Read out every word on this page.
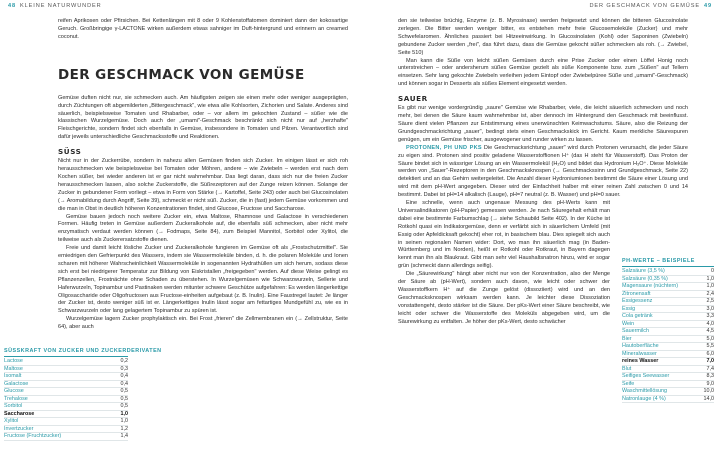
48 KLEINE NATURWUNDER	DER GESCHMACK VON GEMÜSE 49

reifen Aprikosen oder Pfirsichen. Bei Kettenlängen mit 8 oder 9 Kohlenstoffatomen dominiert dann der kokosartige Geruch. Großbringige γ-LACTONE wirken außerdem etwas sahniger im Duft-hintergrund und erinnern an creamed coconut.

DER GESCHMACK VON GEMÜSE

Gemüse duften nicht nur, sie schmecken auch. Am häufigsten zeigen sie einen mehr oder weniger ausgeprägten, durch Züchtungen oft abgemilderten „Bittergeschmack", wie etwa alle Kohlsorten, Zichorien und Salate. Anderes sind säuerlich, beispielsweise Tomaten und Rhabarber, oder – vor allem im gekochten Zustand – süßer wie die klassischen Wurzelgemüse. Doch auch der „umami"-Geschmack beschränkt sich nicht nur auf „herzhafte" Fleischgerichte, sondern findet sich ebenfalls in Gemüse, insbesondere in Tomaten und Pilzen. Verantwortlich sind dafür jeweils unterschiedliche Geschmacksstoffe und Reaktionen.

SÜSS

Nicht nur in der Zuckerrübe, sondern in nahezu allen Gemüsen finden sich Zucker. Im einigen lässt er sich roh herausschmecken wie beispielsweise bei Tomaten oder Möhren, andere – wie Zwiebeln – werden erst nach dem Kochen süßer, bei wieder anderen ist er gar nicht wahrnehmbar. Das liegt daran, dass sich nur die freien Zucker herausschmecken lassen, also solche Zuckerstoffe, die Süßrezeptoren auf der Zunge reizen können. Solange der Zucker in gebundener Form vorliegt – etwa in Form von Stärke (→ Kartoffel, Seite 243) oder auch bei Glucosinolaten (→ Aromabildung durch Angriff, Seite 39), schmeckt er nicht süß. Zucker, die in (fast) jedem Gemüse vorkommen und die man in Obst in deutlich höheren Konzentrationen findet, sind Glucose, Fructose und Saccharose.

Gemüse bauen jedoch noch weitere Zucker ein, etwa Maltose, Rhamnose und Galactose in verschiedenen Formen. Häufig treten in Gemüse außerdem Zuckeralkohole auf, die ebenfalls süß schmecken, aber nicht mehr enzymatisch verdaut werden können (→ Fodmaps, Seite 84), zum Beispiel Mannitol, Sorbitol oder Xylitol, die teilweise auch als Zuckerersatzstoffe dienen.

Freie und damit leicht lösliche Zucker und Zuckeralkohole fungieren im Gemüse oft als „Frostschutzmittel". Sie erniedrigen den Gefrierpunkt des Wassers, indem sie Wassermoleküle binden, d. h. die polaren Moleküle und Ionen scharen mit höherer Wahrscheinlichkeit Wassermoleküle in sogenannten Hydrathüllen um sich herum, sodass diese sich erst bei niedrigerer Temperatur zur Bildung von Eiskristallen „freigegeben" werden. Auf diese Weise gelingt es Pflanzenzellen, Frostnächte ohne Schaden zu überstehen. In Wurzelgemüsen wie Schwarzwurzeln, Sellerie und Haferwurzeln, Topinambur und Pastinaken werden mitunter schwere Geschütze aufgefahren: Es werden längerkettige Oligosaccharide oder Oligofructosen aus Fructose-einheiten aufgebaut (z. B. Inulin). Eine Faustregel lautet: Je länger der Zucker ist, desto weniger süß ist er. Längerkettiges Inulin lässt sogar am fettartiges Mundgefühl zu, wie es in Schwarzwurzeln oder lang gelagertem Topinambur zu spüren ist.

Wurzelgemüse lagern Zucker prophylaktisch ein. Bei Frost „frieren" die Zellmembranen ein (→ Zellstruktur, Seite 64), aber auch

SÜSSKRAFT VON ZUCKER UND ZUCKERDERIVATEN
Lactose	0,2
Maltose	0,3
Isomalt	0,4
Galactose	0,4
Glucose	0,5
Trehalose	0,5
Sorbitol	0,5
Saccharose	1,0
Xylitol	1,0
Invertzucker	1,2
Fructose (Fruchtzucker)	1,4

den sie teilweise brüchig, Enzyme (z. B. Myrosinase) werden freigesetzt und können die bitteren Glucosinolate zerlegen. Die Bitter werden weniger bitter, es entstehen mehr freie Glucosemoleküle (Zucker) und mehr Schwefelaromen. Ähnliches passiert bei Hitzeeinwirkung. In Glucosinolaten (Kohl) oder Saponinen (Zwiebeln) gebundene Zucker werden „frei", das führt dazu, dass die Gemüse gekocht süßer schmecken als roh. (→ Zwiebel, Seite 510)

Man kann die Süße von leicht süßen Gemüsen durch eine Prise Zucker oder einen Löffel Honig noch unterstreichen – oder andersherum süßes Gemüse gezielt als süße Komponente bzw. zum „Süßen" auf Tellern einsetzen. Sehr lang gekochte Zwiebeln verleihen jedem Eintopf oder Zwiebelpüree Süße und „umami"-Geschmack) und können sogar in Desserts als süßes Element eingesetzt werden.

SAUER

Es gibt nur wenige vordergründig „saure" Gemüse wie Rhabarber, viele, die leicht säuerlich schmecken und noch mehr, bei denen die Säure kaum wahrnehmbar ist, aber dennoch im Hintergrund den Geschmack mit beeinflusst. Säure dient vielen Pflanzen zur Entstimmung eines unerwünschten Keimwachstums. Säure, also die Reizung der Grundgeschmackrichtung „sauer", bedingt stets einen Geschmackskick im Gericht. Kaum merkliche Säurespuren genügen, um ein Gemüse frischer, ausgewogener und runder wirken zu lassen.

PROTONEN, PH UND PKS Die Geschmacksrichtung „sauer" wird durch Protonen verursacht, die jeder Säure zu eigen sind. Protonen sind positiv geladene Wasserstoffionen H⁺ (das H steht für Wasserstoff). Das Proton der Säure bindet sich in wässriger Lösung an ein Wassermolekül (H₂O) und bildet das Hydronium H₃O⁺. Diese Moleküle werden von „Sauer"-Rezeptoren in den Geschmacksknospen (→ Geschmackssinn und Grundgeschmack, Seite 22) detektiert und an das Gehirn weitergeleitet. Die Anzahl dieser Hydroniumionen bestimmt die Säure einer Lösung und wird mit dem pH-Wert angegeben. Dieser wird der Einfachheit halber mit einer reinen Zahl zwischen 0 und 14 bestimmt. Dabei ist pH=14 alkalisch (Lauge), pH=7 neutral (z. B. Wasser) und pH=0 sauer.

Eine schnelle, wenn auch ungenaue Messung des pH-Werts kann mit Universalindikatoren (pH-Papier) gemessen werden. Je nach Säuregehalt erhält man dabei eine bestimmte Farbumschlag (→ siehe Schaubild Seite 402). In der Küche ist Rotkohl quasi ein Indikatorgemüse, denn er verfärbt sich in säuerlichem Umfeld (mit Essig oder Apfeldicksaft gekocht) eher rot, in basischem blau. Dies spiegelt sich auch in seinen regionalen Namen wider: Dort, wo man ihn säuerlich mag (in Baden-Württemberg und im Norden), heißt er Rotkohl oder Rotkraut, in Bayern dagegen kennt man ihn als Blaukraut. Gibt man sehr viel Haushaltsnatron hinzu, wird er sogar grün (schmeckt dann allerdings seifig).

Die „Säurewirkung" hängt aber nicht nur von der Konzentration, also der Menge der Säure ab (pH-Wert), sondern auch davon, wie leicht oder schwer der Wasserstoffkern H⁺ auf die Zunge gelöst (dissoziiert) wird und an den Geschmacksknospen wirksam werden kann. Je leichter diese Dissoziation vonstattengeht, desto stärker ist die Säure. Der pKs-Wert einer Säure beschreibt, wie leicht oder schwer die Wasserstoffe des Moleküls abgegeben wird, um die Säurewirkung zu entfalten. Je höher der pKs-Wert, desto schwächer

PH-WERTE – BEISPIELE
Salzsäure (3,5 %)	0
Salzsäure (0,35 %)	1,0
Magensaure (nüchtern)	1,0
Zitronensaft	2,4
Essigessenz	2,5
Essig	3,0
Cola getränk	3,3
Wein	4,0
Sauermilch	4,5
Bier	5,0
Hautoberfläche	5,5
Mineralwasser	6,0
reines Wasser	7,0
Blut	7,4
Seifiges Seewasser	8,3
Seife	9,0
Waschmittellösung	10,0
Natronlauge (4 %)	14,0
